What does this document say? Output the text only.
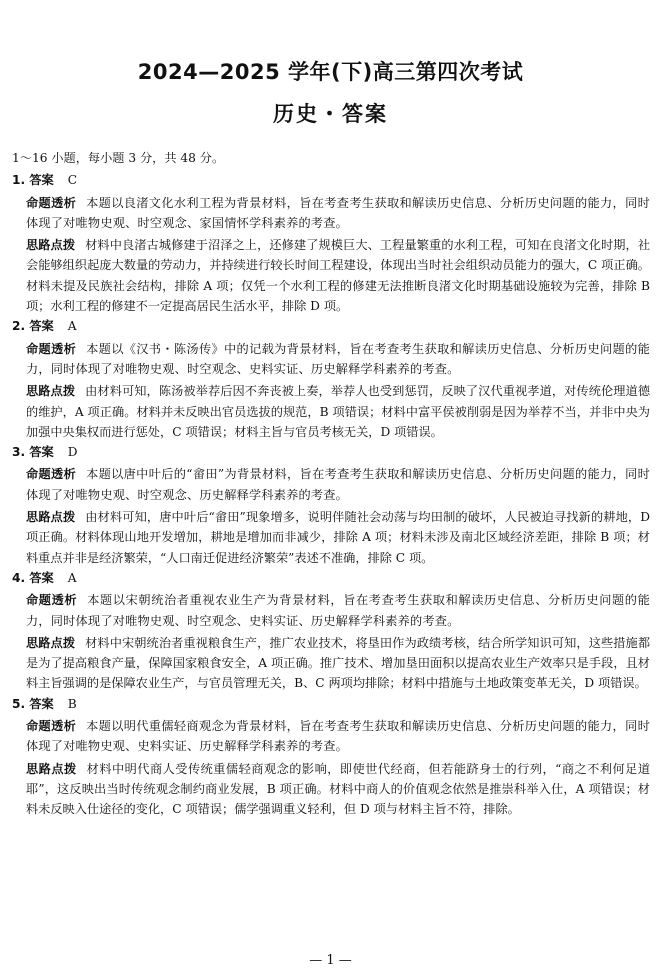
2024—2025 学年(下)高三第四次考试
历史・答案

1～16 小题，每小题 3 分，共 48 分。

1. 答案 C

命题透析 本题以良渚文化水利工程为背景材料，旨在考查考生获取和解读历史信息、分析历史问题的能力，同时体现了对唯物史观、时空观念、家国情怀学科素养的考查。

思路点拨 材料中良渚古城修建于沼泽之上，还修建了规模巨大、工程量繁重的水利工程，可知在良渚文化时期，社会能够组织起庞大数量的劳动力，并持续进行较长时间工程建设，体现出当时社会组织动员能力的强大，C 项正确。材料未提及民族社会结构，排除 A 项；仅凭一个水利工程的修建无法推断良渚文化时期基础设施较为完善，排除 B 项；水利工程的修建不一定提高居民生活水平，排除 D 项。

2. 答案 A

命题透析 本题以《汉书・陈汤传》中的记载为背景材料，旨在考查考生获取和解读历史信息、分析历史问题的能力，同时体现了对唯物史观、时空观念、史料实证、历史解释学科素养的考查。

思路点拨 由材料可知，陈汤被举荐后因不奔丧被上奏，举荐人也受到惩罚，反映了汉代重视孝道，对传统伦理道德的维护，A 项正确。材料并未反映出官员选拔的规范，B 项错误；材料中富平侯被削弱是因为举荐不当，并非中央为加强中央集权而进行惩处，C 项错误；材料主旨与官员考核无关，D 项错误。

3. 答案 D

命题透析 本题以唐中叶后的“畲田”为背景材料，旨在考查考生获取和解读历史信息、分析历史问题的能力，同时体现了对唯物史观、时空观念、历史解释学科素养的考查。

思路点拨 由材料可知，唐中叶后“畲田”现象增多，说明伴随社会动荡与均田制的破坏，人民被迫寻找新的耕地，D 项正确。材料体现山地开发增加，耕地是增加而非减少，排除 A 项；材料未涉及南北区域经济差距，排除 B 项；材料重点并非是经济繁荣，“人口南迁促进经济繁荣”表述不准确，排除 C 项。

4. 答案 A

命题透析 本题以宋朝统治者重视农业生产为背景材料，旨在考查考生获取和解读历史信息、分析历史问题的能力，同时体现了对唯物史观、时空观念、史料实证、历史解释学科素养的考查。

思路点拨 材料中宋朝统治者重视粮食生产，推广农业技术，将垦田作为政绩考核，结合所学知识可知，这些措施都是为了提高粮食产量，保障国家粮食安全，A 项正确。推广技术、增加垦田面积以提高农业生产效率只是手段，且材料主旨强调的是保障农业生产，与官员管理无关，B、C 两项均排除；材料中措施与土地政策变革无关，D 项错误。

5. 答案 B

命题透析 本题以明代重儒轻商观念为背景材料，旨在考查考生获取和解读历史信息、分析历史问题的能力，同时体现了对唯物史观、史料实证、历史解释学科素养的考查。

思路点拨 材料中明代商人受传统重儒轻商观念的影响，即使世代经商，但若能跻身士的行列，“商之不利何足道耶”，这反映出当时传统观念制约商业发展，B 项正确。材料中商人的价值观念依然是推崇科举入仕，A 项错误；材料未反映入仕途径的变化，C 项错误；儒学强调重义轻利，但 D 项与材料主旨不符，排除。

— 1 —
